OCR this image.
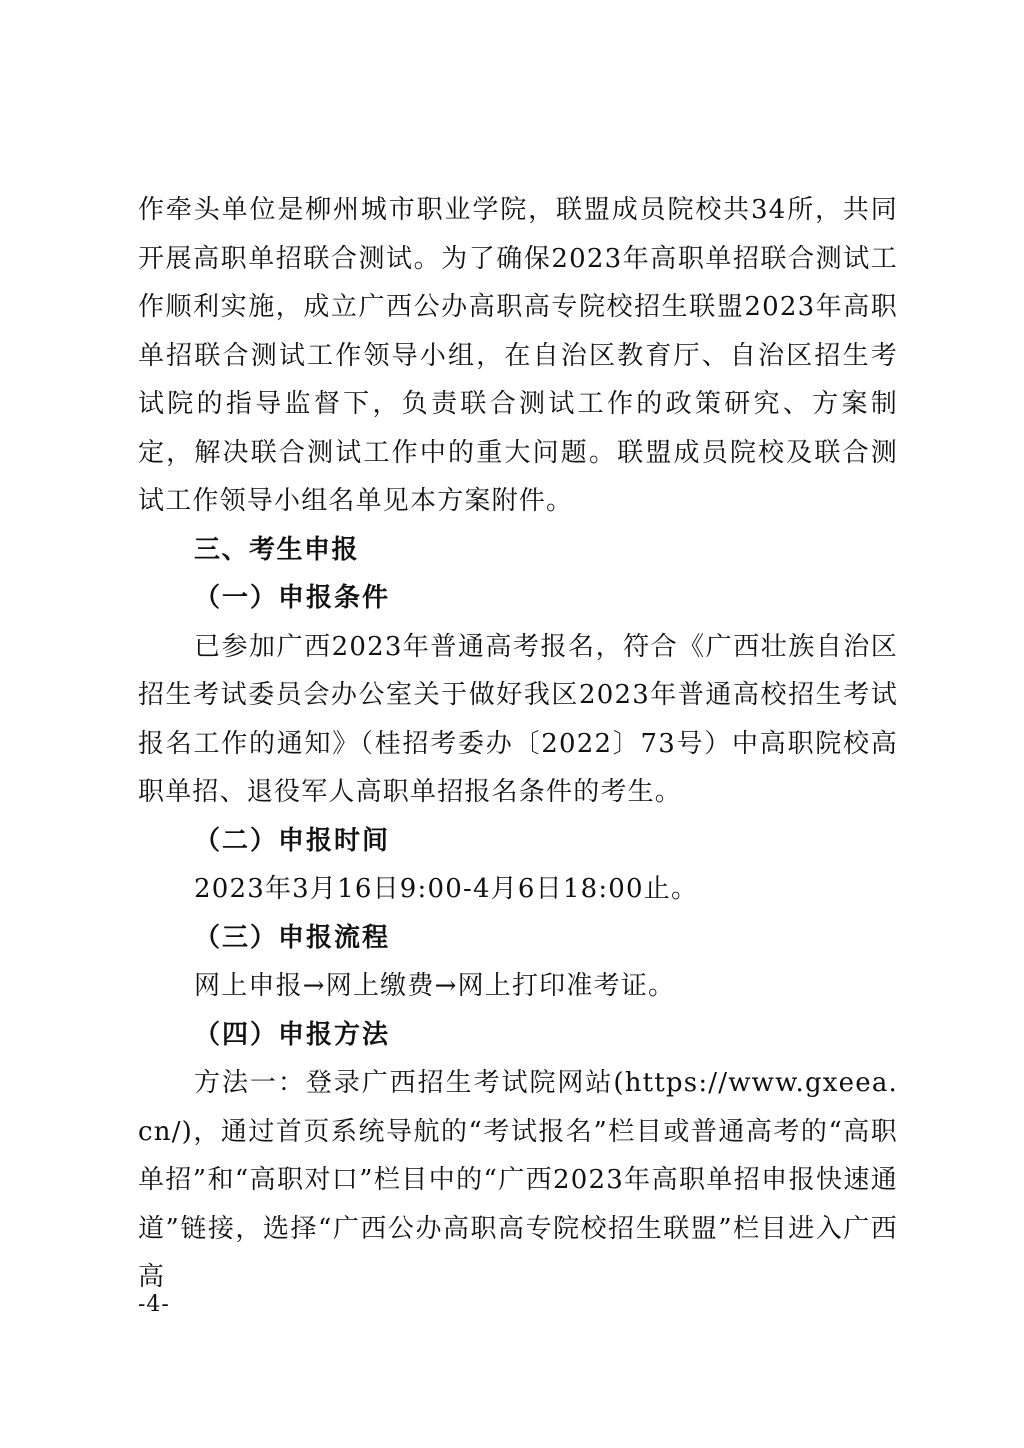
作牵头单位是柳州城市职业学院，联盟成员院校共34所，共同开展高职单招联合测试。为了确保2023年高职单招联合测试工作顺利实施，成立广西公办高职高专院校招生联盟2023年高职单招联合测试工作领导小组，在自治区教育厅、自治区招生考试院的指导监督下，负责联合测试工作的政策研究、方案制定，解决联合测试工作中的重大问题。联盟成员院校及联合测试工作领导小组名单见本方案附件。

三、考生申报

（一）申报条件

已参加广西2023年普通高考报名，符合《广西壮族自治区招生考试委员会办公室关于做好我区2023年普通高校招生考试报名工作的通知》（桂招考委办〔2022〕73号）中高职院校高职单招、退役军人高职单招报名条件的考生。

（二）申报时间

2023年3月16日9:00-4月6日18:00止。

（三）申报流程

网上申报→网上缴费→网上打印准考证。

（四）申报方法

方法一：登录广西招生考试院网站(https://www.gxeea.cn/)，通过首页系统导航的“考试报名”栏目或普通高考的“高职单招”和“高职对口”栏目中的“广西2023年高职单招申报快速通道”链接，选择“广西公办高职高专院校招生联盟”栏目进入广西高

-4-
